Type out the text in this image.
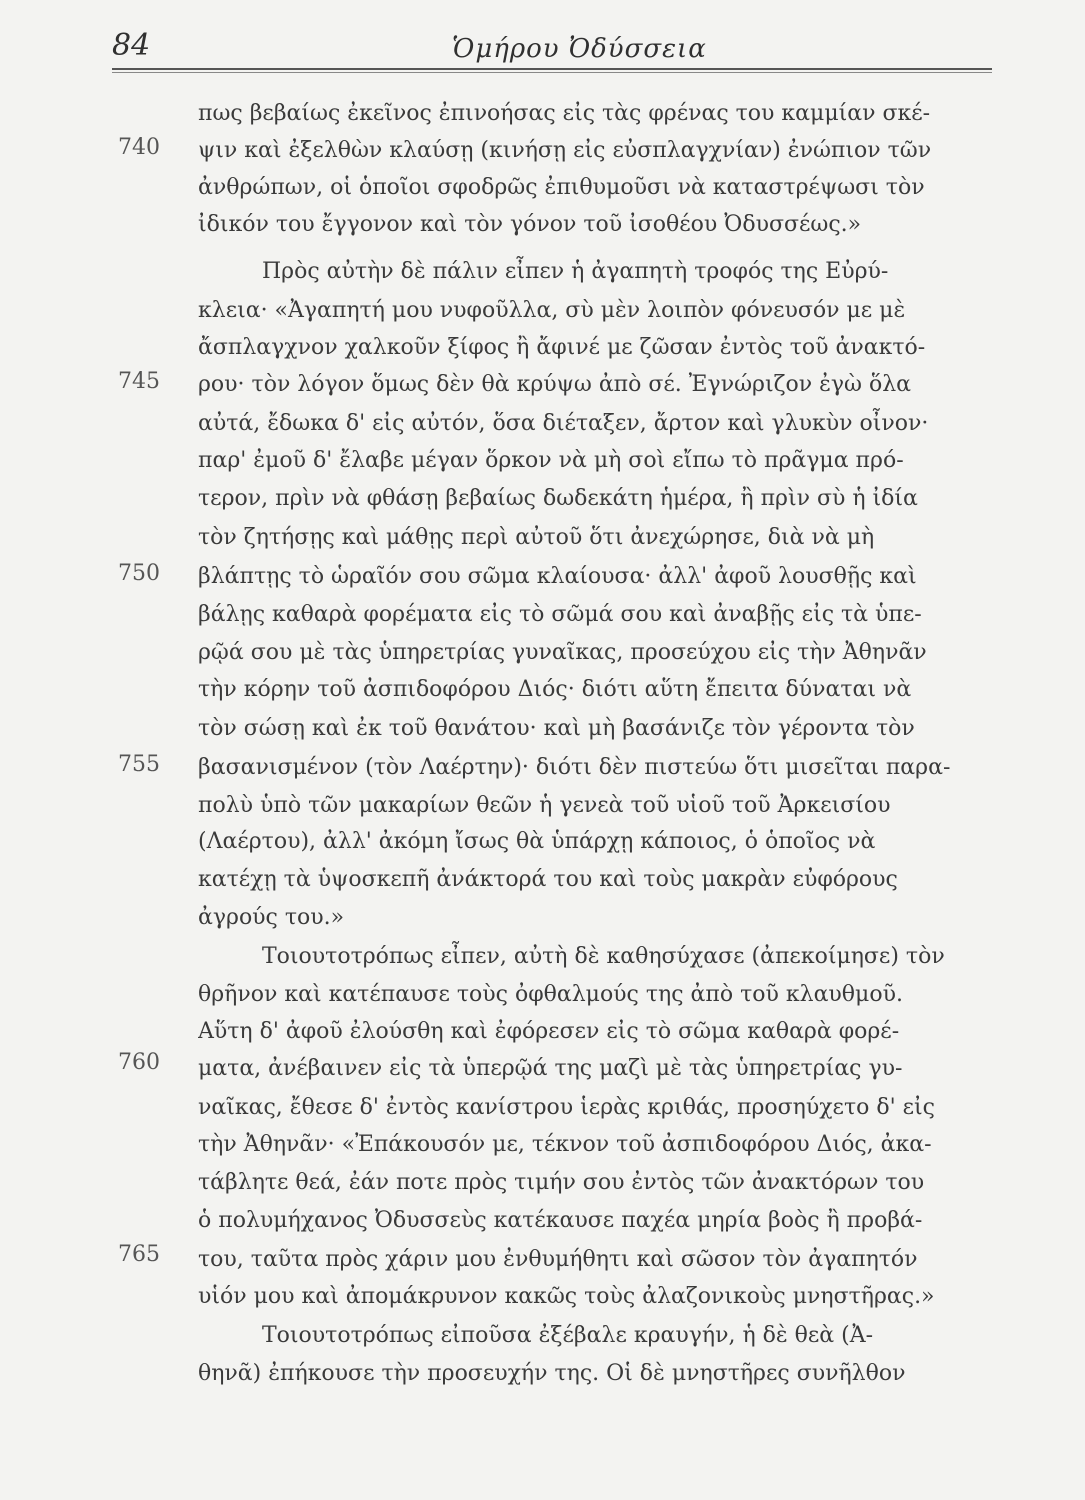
84	Ὁμήρου Ὀδύσσεια
740
745
750
755
760
765
πως βεβαίως ἐκεῖνος ἐπινοήσας εἰς τὰς φρένας του καμμίαν σκέ-
ψιν καὶ ἐξελθὼν κλαύσῃ (κινήσῃ εἰς εὐσπλαγχνίαν) ἐνώπιον τῶν
ἀνθρώπων, οἱ ὁποῖοι σφοδρῶς ἐπιθυμοῦσι νὰ καταστρέψωσι τὸν
ἰδικόν του ἔγγονον καὶ τὸν γόνον τοῦ ἰσοθέου Ὀδυσσέως.»
Πρὸς αὐτὴν δὲ πάλιν εἶπεν ἡ ἀγαπητὴ τροφός της Εὐρύ-
κλεια· «Ἀγαπητή μου νυφοῦλλα, σὺ μὲν λοιπὸν φόνευσόν με μὲ
ἄσπλαγχνον χαλκοῦν ξίφος ἢ ἄφινέ με ζῶσαν ἐντὸς τοῦ ἀνακτό-
ρου· τὸν λόγον ὅμως δὲν θὰ κρύψω ἀπὸ σέ. Ἐγνώριζον ἐγὼ ὅλα
αὐτά, ἔδωκα δ' εἰς αὐτόν, ὅσα διέταξεν, ἄρτον καὶ γλυκὺν οἶνον·
παρ' ἐμοῦ δ' ἔλαβε μέγαν ὅρκον νὰ μὴ σοὶ εἴπω τὸ πρᾶγμα πρό-
τερον, πρὶν νὰ φθάσῃ βεβαίως δωδεκάτη ἡμέρα, ἢ πρὶν σὺ ἡ ἰδία
τὸν ζητήσῃς καὶ μάθῃς περὶ αὐτοῦ ὅτι ἀνεχώρησε, διὰ νὰ μὴ
βλάπτῃς τὸ ὡραῖόν σου σῶμα κλαίουσα· ἀλλ' ἀφοῦ λουσθῇς καὶ
βάλῃς καθαρὰ φορέματα εἰς τὸ σῶμά σου καὶ ἀναβῇς εἰς τὰ ὑπε-
ρῷά σου μὲ τὰς ὑπηρετρίας γυναῖκας, προσεύχου εἰς τὴν Ἀθηνᾶν
τὴν κόρην τοῦ ἀσπιδοφόρου Διός· διότι αὕτη ἔπειτα δύναται νὰ
τὸν σώσῃ καὶ ἐκ τοῦ θανάτου· καὶ μὴ βασάνιζε τὸν γέροντα τὸν
βασανισμένον (τὸν Λαέρτην)· διότι δὲν πιστεύω ὅτι μισεῖται παρα-
πολὺ ὑπὸ τῶν μακαρίων θεῶν ἡ γενεὰ τοῦ υἱοῦ τοῦ Ἀρκεισίου
(Λαέρτου), ἀλλ' ἀκόμη ἴσως θὰ ὑπάρχῃ κάποιος, ὁ ὁποῖος νὰ
κατέχῃ τὰ ὑψοσκεπῆ ἀνάκτορά του καὶ τοὺς μακρὰν εὐφόρους
ἀγρούς του.»
Τοιουτοτρόπως εἶπεν, αὐτὴ δὲ καθησύχασε (ἀπεκοίμησε) τὸν
θρῆνον καὶ κατέπαυσε τοὺς ὀφθαλμούς της ἀπὸ τοῦ κλαυθμοῦ.
Αὕτη δ' ἀφοῦ ἐλούσθη καὶ ἐφόρεσεν εἰς τὸ σῶμα καθαρὰ φορέ-
ματα, ἀνέβαινεν εἰς τὰ ὑπερῷά της μαζὶ μὲ τὰς ὑπηρετρίας γυ-
ναῖκας, ἔθεσε δ' ἐντὸς κανίστρου ἱερὰς κριθάς, προσηύχετο δ' εἰς
τὴν Ἀθηνᾶν· «Ἐπάκουσόν με, τέκνον τοῦ ἀσπιδοφόρου Διός, ἀκα-
τάβλητε θεά, ἐάν ποτε πρὸς τιμήν σου ἐντὸς τῶν ἀνακτόρων του
ὁ πολυμήχανος Ὀδυσσεὺς κατέκαυσε παχέα μηρία βοὸς ἢ προβά-
του, ταῦτα πρὸς χάριν μου ἐνθυμήθητι καὶ σῶσον τὸν ἀγαπητόν
υἱόν μου καὶ ἀπομάκρυνον κακῶς τοὺς ἀλαζονικοὺς μνηστῆρας.»
Τοιουτοτρόπως εἰποῦσα ἐξέβαλε κραυγήν, ἡ δὲ θεὰ (Ἀ-
θηνᾶ) ἐπήκουσε τὴν προσευχήν της. Οἱ δὲ μνηστῆρες συνῆλθον
